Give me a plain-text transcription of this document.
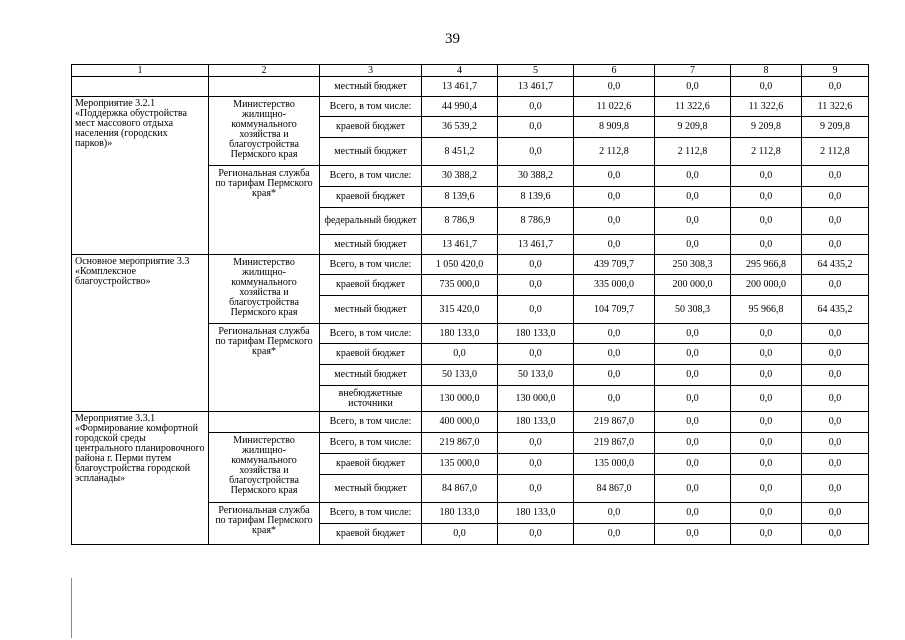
39
1	2	3	4	5	6	7	8	9
		местный бюджет	13 461,7	13 461,7	0,0	0,0	0,0	0,0
Мероприятие 3.2.1 «Поддержка обустройства мест массового отдыха населения (городских парков)»	Министерство жилищно-коммунального хозяйства и благоустройства Пермского края	Всего, в том числе:	44 990,4	0,0	11 022,6	11 322,6	11 322,6	11 322,6
		краевой бюджет	36 539,2	0,0	8 909,8	9 209,8	9 209,8	9 209,8
		местный бюджет	8 451,2	0,0	2 112,8	2 112,8	2 112,8	2 112,8
	Региональная служба по тарифам Пермского края*	Всего, в том числе:	30 388,2	30 388,2	0,0	0,0	0,0	0,0
		краевой бюджет	8 139,6	8 139,6	0,0	0,0	0,0	0,0
		федеральный бюджет	8 786,9	8 786,9	0,0	0,0	0,0	0,0
		местный бюджет	13 461,7	13 461,7	0,0	0,0	0,0	0,0
Основное мероприятие 3.3 «Комплексное благоустройство»	Министерство жилищно-коммунального хозяйства и благоустройства Пермского края	Всего, в том числе:	1 050 420,0	0,0	439 709,7	250 308,3	295 966,8	64 435,2
		краевой бюджет	735 000,0	0,0	335 000,0	200 000,0	200 000,0	0,0
		местный бюджет	315 420,0	0,0	104 709,7	50 308,3	95 966,8	64 435,2
	Региональная служба по тарифам Пермского края*	Всего, в том числе:	180 133,0	180 133,0	0,0	0,0	0,0	0,0
		краевой бюджет	0,0	0,0	0,0	0,0	0,0	0,0
		местный бюджет	50 133,0	50 133,0	0,0	0,0	0,0	0,0
		внебюджетные источники	130 000,0	130 000,0	0,0	0,0	0,0	0,0
Мероприятие 3.3.1 «Формирование комфортной городской среды центрального планировочного района г. Перми путем благоустройства городской эспланады»		Всего, в том числе:	400 000,0	180 133,0	219 867,0	0,0	0,0	0,0
	Министерство жилищно-коммунального хозяйства и благоустройства Пермского края	Всего, в том числе:	219 867,0	0,0	219 867,0	0,0	0,0	0,0
		краевой бюджет	135 000,0	0,0	135 000,0	0,0	0,0	0,0
		местный бюджет	84 867,0	0,0	84 867,0	0,0	0,0	0,0
	Региональная служба по тарифам Пермского края*	Всего, в том числе:	180 133,0	180 133,0	0,0	0,0	0,0	0,0
		краевой бюджет	0,0	0,0	0,0	0,0	0,0	0,0
